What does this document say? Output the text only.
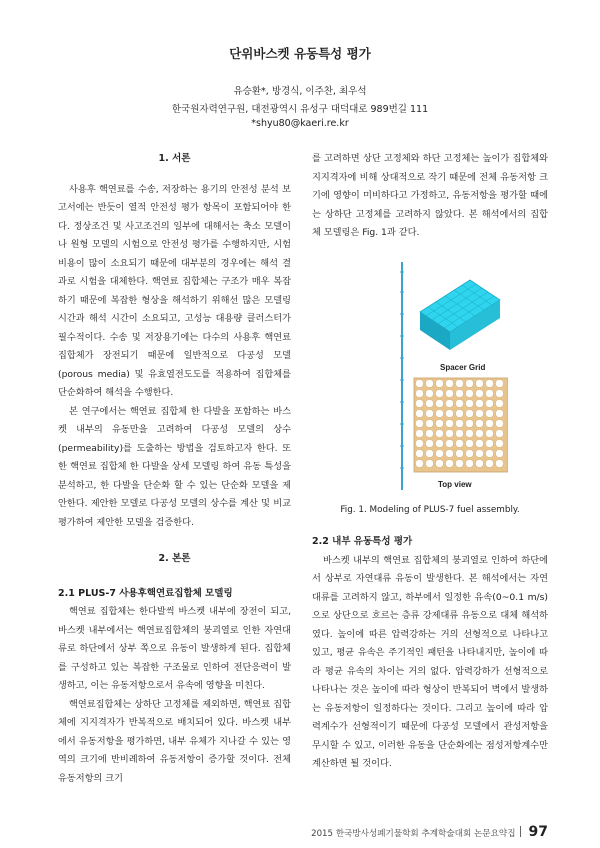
단위바스켓 유동특성 평가
유승환*, 방경식, 이주찬, 최우석
한국원자력연구원, 대전광역시 유성구 대덕대로 989번길 111
*shyu80@kaeri.re.kr
1. 서론

사용후 핵연료를 수송, 저장하는 용기의 안전성 분석 보고서에는 반듯이 열적 안전성 평가 항목이 포함되어야 한다. 정상조건 및 사고조건의 일부에 대해서는 축소 모델이나 원형 모델의 시험으로 안전성 평가를 수행하지만, 시험 비용이 많이 소요되기 때문에 대부분의 경우에는 해석 결과로 시험을 대체한다. 핵연료 집합체는 구조가 매우 복잡하기 때문에 복잡한 형상을 해석하기 위해선 많은 모델링 시간과 해석 시간이 소요되고, 고성능 대용량 클러스터가 필수적이다. 수송 및 저장용기에는 다수의 사용후 핵연료 집합체가 장전되기 때문에 일반적으로 다공성 모델(porous media) 및 유효열전도도를 적용하여 집합체를 단순화하여 해석을 수행한다.

본 연구에서는 핵연료 집합체 한 다발을 포함하는 바스켓 내부의 유동만을 고려하여 다공성 모델의 상수(permeability)를 도출하는 방법을 검토하고자 한다. 또한 핵연료 집합체 한 다발을 상세 모델링 하여 유동 특성을 분석하고, 한 다발을 단순화 할 수 있는 단순화 모델을 제안한다. 제안한 모델로 다공성 모델의 상수를 계산 및 비교 평가하여 제안한 모델을 검증한다.

2. 본론
2.1 PLUS-7 사용후핵연료집합체 모델링

핵연료 집합체는 한다발씩 바스켓 내부에 장전이 되고, 바스켓 내부에서는 핵연료집합체의 붕괴열로 인한 자연대류로 하단에서 상부 쪽으로 유동이 발생하게 된다. 집합체를 구성하고 있는 복잡한 구조물로 인하여 전단응력이 발생하고, 이는 유동저항으로서 유속에 영향을 미친다.

핵연료집합체는 상하단 고정체를 제외하면, 핵연료 집합체에 지지격자가 반복적으로 배치되어 있다. 바스켓 내부에서 유동저항을 평가하면, 내부 유체가 지나갈 수 있는 영역의 크기에 반비례하여 유동저항이 증가할 것이다. 전체 유동저항의 크기

를 고려하면 상단 고정체와 하단 고정체는 높이가 집합체와 지지격자에 비해 상대적으로 작기 때문에 전체 유동저항 크기에 영향이 미비하다고 가정하고, 유동저항을 평가할 때에는 상하단 고정체를 고려하지 않았다. 본 해석에서의 집합체 모델링은 Fig. 1과 같다.

Spacer Grid
Top view
Fig. 1. Modeling of PLUS-7 fuel assembly.
2.2 내부 유동특성 평가

바스켓 내부의 핵연료 집합체의 붕괴열로 인하여 하단에서 상부로 자연대류 유동이 발생한다. 본 해석에서는 자연대류를 고려하지 않고, 하부에서 일정한 유속(0~0.1 m/s)으로 상단으로 흐르는 층류 강제대류 유동으로 대체 해석하였다. 높이에 따른 압력강하는 거의 선형적으로 나타나고 있고, 평균 유속은 주기적인 패턴을 나타내지만, 높이에 따라 평균 유속의 차이는 거의 없다. 압력강하가 선형적으로 나타나는 것은 높이에 따라 형상이 반복되어 벽에서 발생하는 유동저항이 일정하다는 것이다. 그리고 높이에 따라 압력계수가 선형적이기 때문에 다공성 모델에서 관성저항을 무시할 수 있고, 이러한 유동을 단순화에는 점성저항계수만 계산하면 될 것이다.

2015 한국방사성폐기물학회 추계학술대회 논문요약집 97
